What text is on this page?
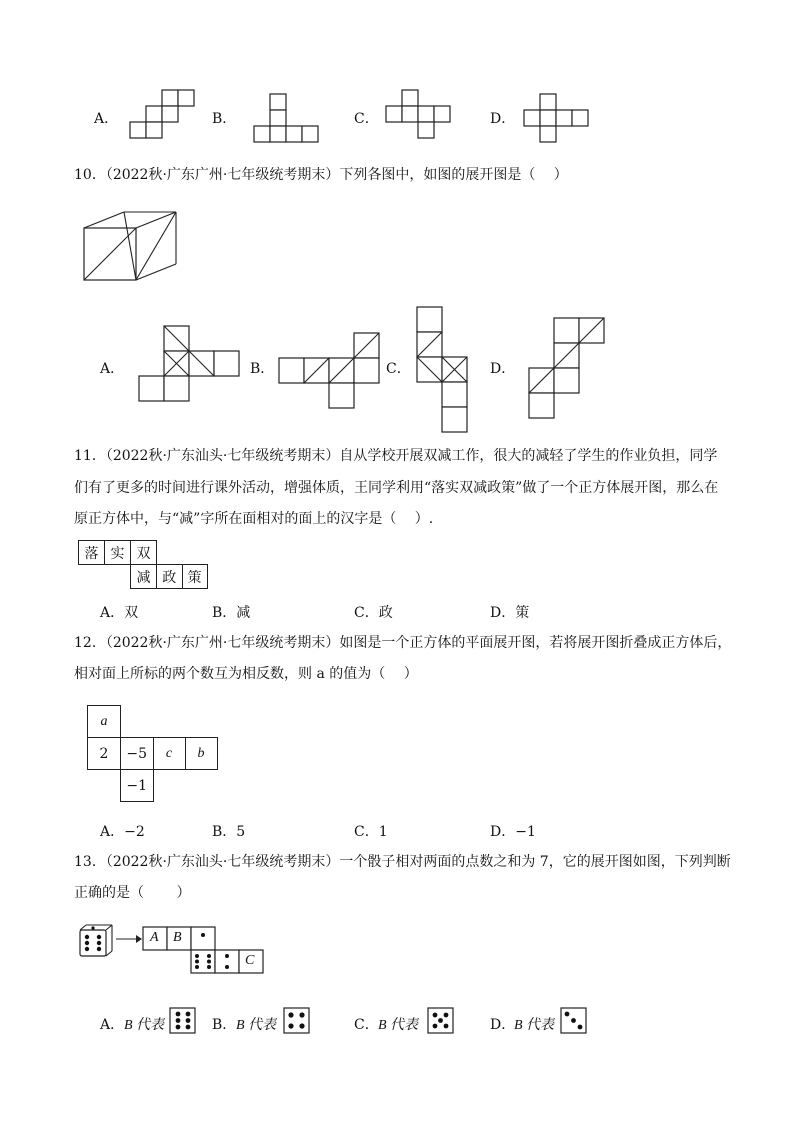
A．	B．	C．	D．
10．（2022秋·广东广州·七年级统考期末）下列各图中，如图的展开图是（　 ）
A．	B．	C．	D．
11．（2022秋·广东汕头·七年级统考期末）自从学校开展双减工作，很大的减轻了学生的作业负担，同学
们有了更多的时间进行课外活动，增强体质，王同学利用“落实双减政策”做了一个正方体展开图，那么在
原正方体中，与“减”字所在面相对的面上的汉字是（　 ）.
落	实	双		
		减	政	策
A．双	B．减	C．政	D．策
12．（2022秋·广东广州·七年级统考期末）如图是一个正方体的平面展开图，若将展开图折叠成正方体后，
相对面上所标的两个数互为相反数，则 a 的值为（　 ）
a			
2	−5	c	b
	−1		
A．−2	B．5	C．1	D．−1
13．（2022秋·广东汕头·七年级统考期末）一个骰子相对两面的点数之和为 7，它的展开图如图，下列判断
正确的是（　 　）
A B
C
A． B 代表	B． B 代表	C． B 代表	D．
B 代表
